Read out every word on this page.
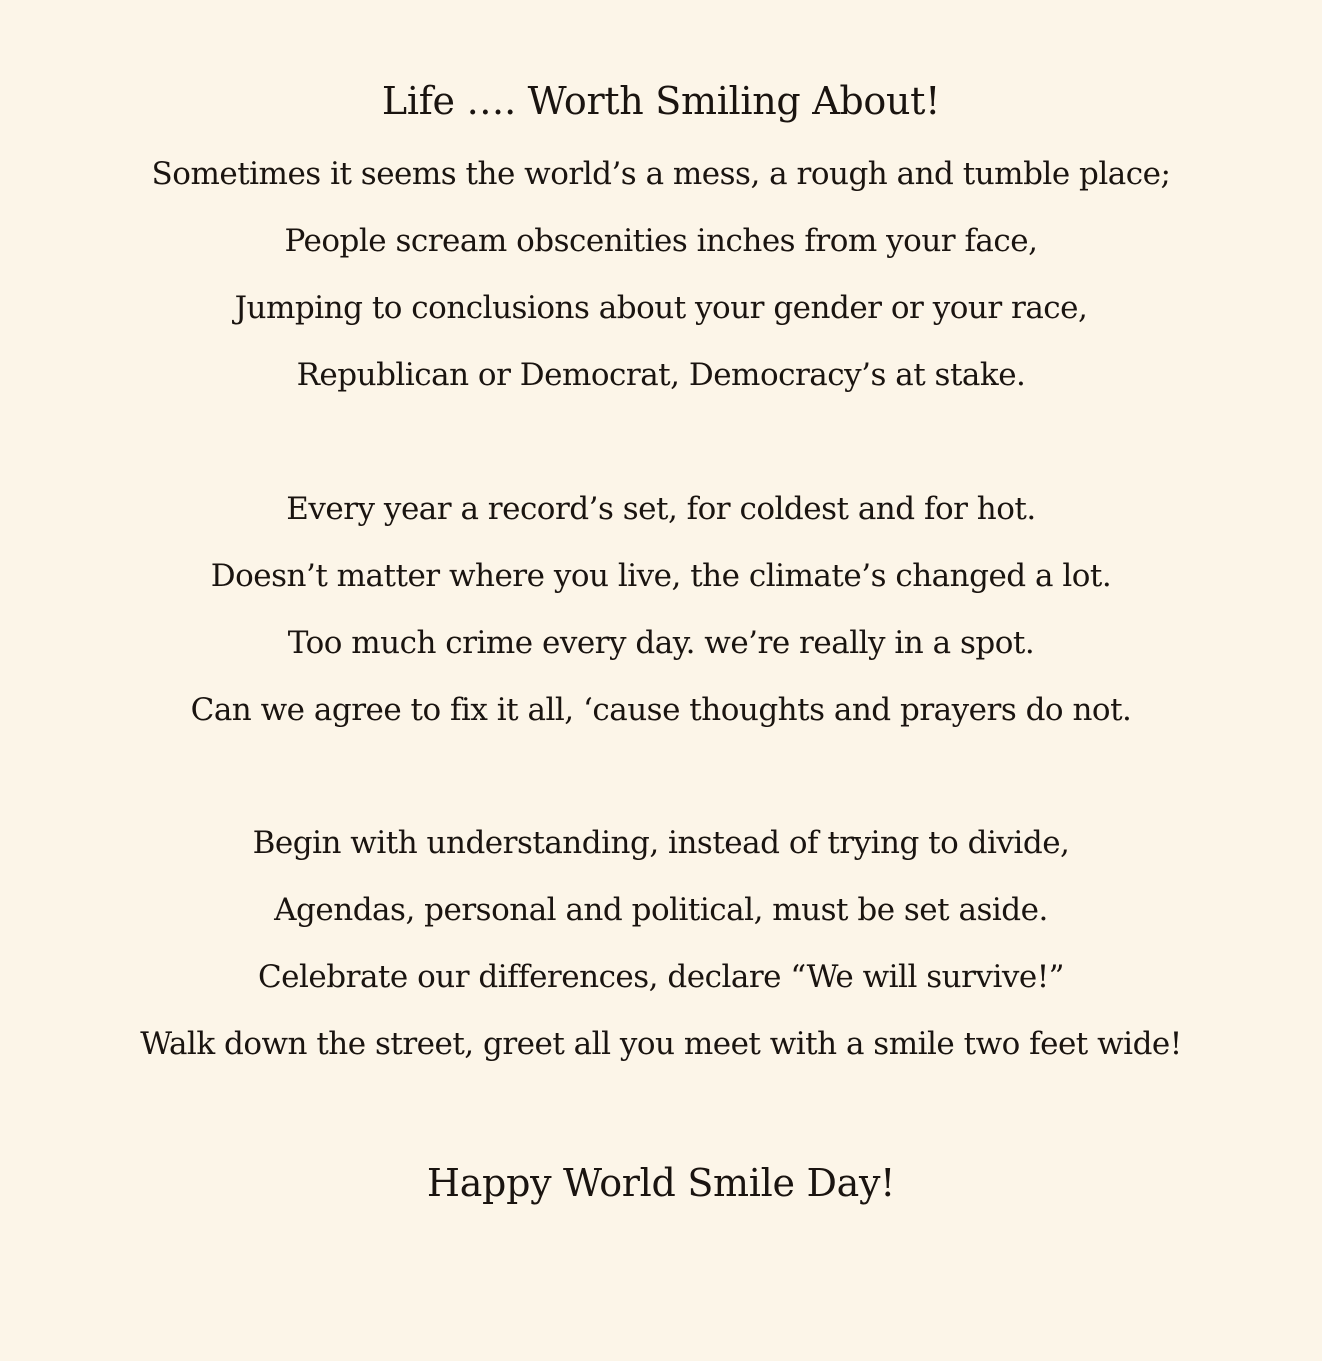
Life …. Worth Smiling About!
Sometimes it seems the world’s a mess, a rough and tumble place;
People scream obscenities inches from your face,
Jumping to conclusions about your gender or your race,
Republican or Democrat, Democracy’s at stake.
Every year a record’s set, for coldest and for hot.
Doesn’t matter where you live, the climate’s changed a lot.
Too much crime every day. we’re really in a spot.
Can we agree to fix it all, ‘cause thoughts and prayers do not.
Begin with understanding, instead of trying to divide,
Agendas, personal and political, must be set aside.
Celebrate our differences, declare “We will survive!”
Walk down the street, greet all you meet with a smile two feet wide!
Happy World Smile Day!
